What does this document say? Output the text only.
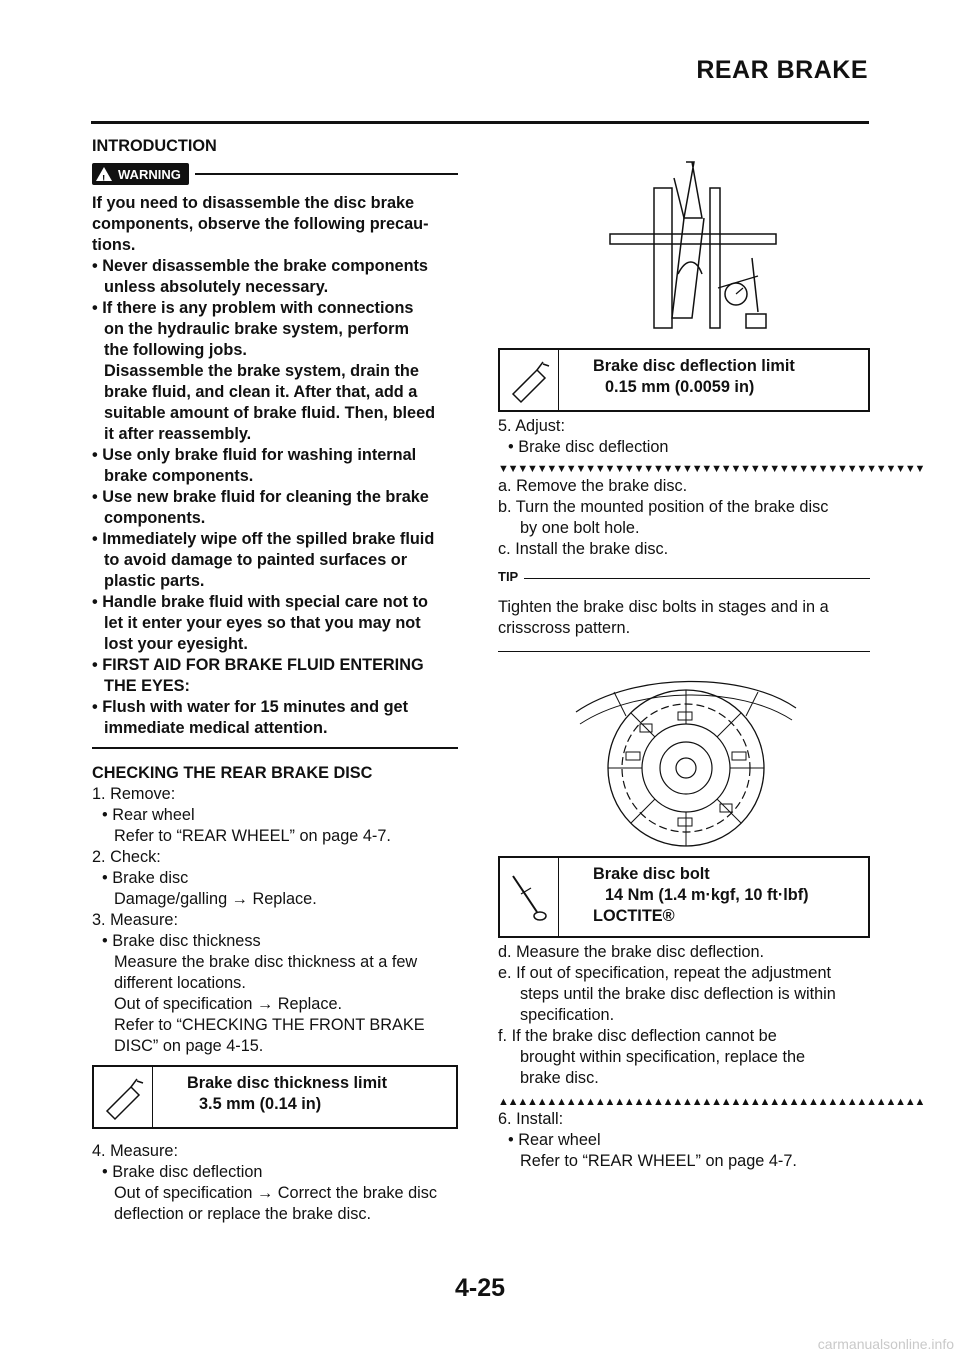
REAR BRAKE
INTRODUCTION
! WARNING
If you need to disassemble the disc brake
components, observe the following precau-
tions.
• Never disassemble the brake components
unless absolutely necessary.
• If there is any problem with connections
on the hydraulic brake system, perform
the following jobs.
Disassemble the brake system, drain the
brake fluid, and clean it. After that, add a
suitable amount of brake fluid. Then, bleed
it after reassembly.
• Use only brake fluid for washing internal
brake components.
• Use new brake fluid for cleaning the brake
components.
• Immediately wipe off the spilled brake fluid
to avoid damage to painted surfaces or
plastic parts.
• Handle brake fluid with special care not to
let it enter your eyes so that you may not
lost your eyesight.
• FIRST AID FOR BRAKE FLUID ENTERING
THE EYES:
• Flush with water for 15 minutes and get
immediate medical attention.
CHECKING THE REAR BRAKE DISC
1. Remove:
• Rear wheel
Refer to “REAR WHEEL” on page 4-7.
2. Check:
• Brake disc
Damage/galling → Replace.
3. Measure:
• Brake disc thickness
Measure the brake disc thickness at a few
different locations.
Out of specification → Replace.
Refer to “CHECKING THE FRONT BRAKE
DISC” on page 4-15.
Brake disc thickness limit
3.5 mm (0.14 in)
4. Measure:
• Brake disc deflection
Out of specification → Correct the brake disc
deflection or replace the brake disc.
Brake disc deflection limit
0.15 mm (0.0059 in)
5. Adjust:
• Brake disc deflection
▼▼▼▼▼▼▼▼▼▼▼▼▼▼▼▼▼▼▼▼▼▼▼▼▼▼▼▼▼▼▼▼▼▼▼▼▼▼▼▼▼▼▼▼
a. Remove the brake disc.
b. Turn the mounted position of the brake disc
by one bolt hole.
c. Install the brake disc.
TIP
Tighten the brake disc bolts in stages and in a
crisscross pattern.
Brake disc bolt
14 Nm (1.4 m·kgf, 10 ft·lbf)
LOCTITE®
d. Measure the brake disc deflection.
e. If out of specification, repeat the adjustment
steps until the brake disc deflection is within
specification.
f. If the brake disc deflection cannot be
brought within specification, replace the
brake disc.
▲▲▲▲▲▲▲▲▲▲▲▲▲▲▲▲▲▲▲▲▲▲▲▲▲▲▲▲▲▲▲▲▲▲▲▲▲▲▲▲▲▲▲▲
6. Install:
• Rear wheel
Refer to “REAR WHEEL” on page 4-7.
4-25
carmanualsonline.info
